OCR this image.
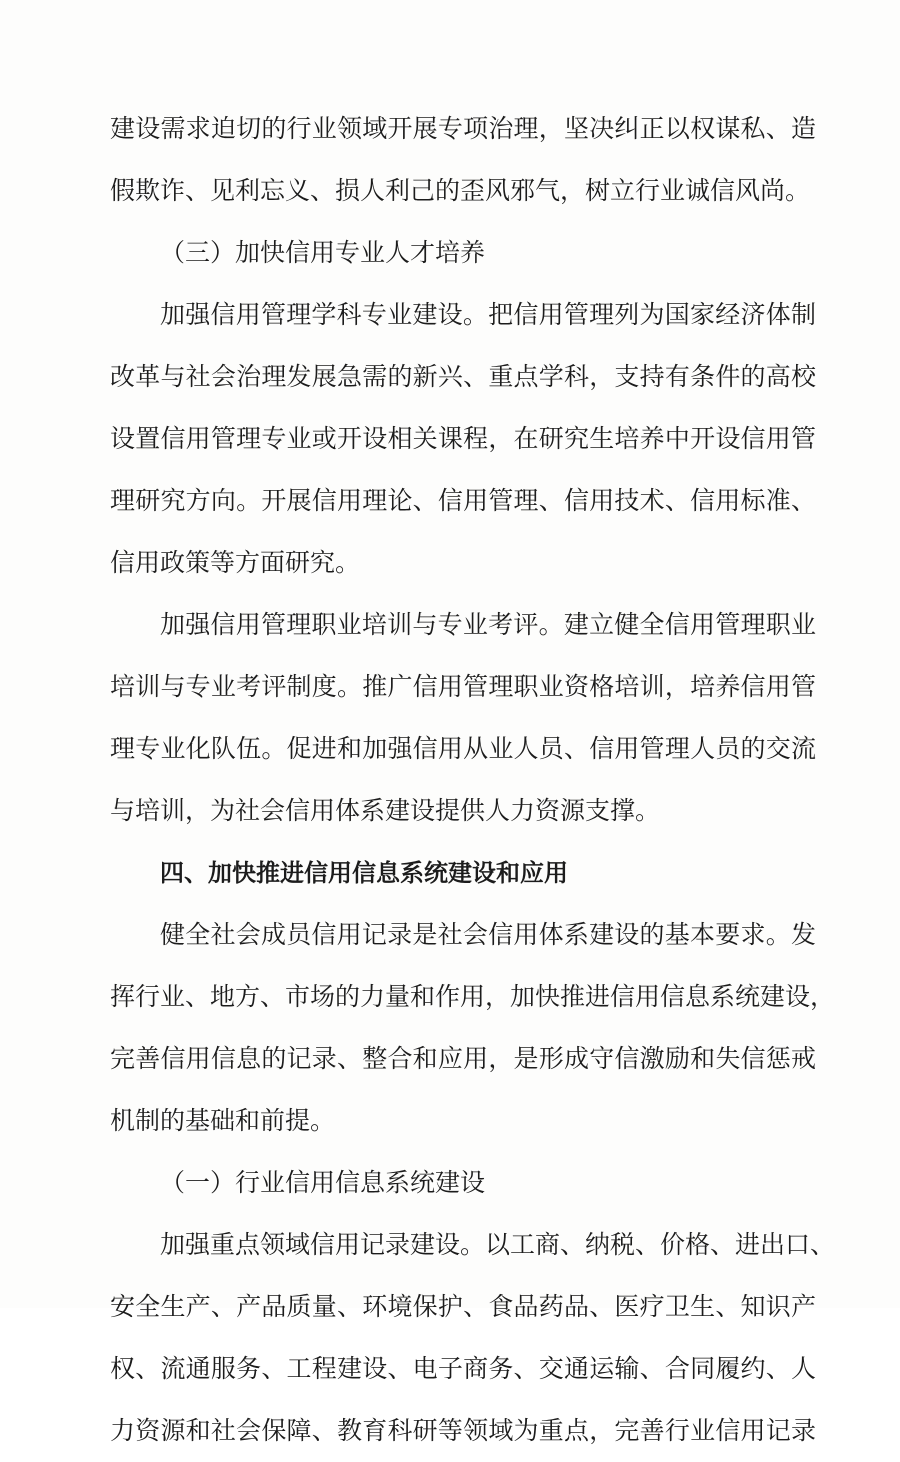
建设需求迫切的行业领域开展专项治理，坚决纠正以权谋私、造
假欺诈、见利忘义、损人利己的歪风邪气，树立行业诚信风尚。
（三）加快信用专业人才培养
加强信用管理学科专业建设。把信用管理列为国家经济体制
改革与社会治理发展急需的新兴、重点学科，支持有条件的高校
设置信用管理专业或开设相关课程，在研究生培养中开设信用管
理研究方向。开展信用理论、信用管理、信用技术、信用标准、
信用政策等方面研究。
加强信用管理职业培训与专业考评。建立健全信用管理职业
培训与专业考评制度。推广信用管理职业资格培训，培养信用管
理专业化队伍。促进和加强信用从业人员、信用管理人员的交流
与培训，为社会信用体系建设提供人力资源支撑。
四、加快推进信用信息系统建设和应用
健全社会成员信用记录是社会信用体系建设的基本要求。发
挥行业、地方、市场的力量和作用，加快推进信用信息系统建设，
完善信用信息的记录、整合和应用，是形成守信激励和失信惩戒
机制的基础和前提。
（一）行业信用信息系统建设
加强重点领域信用记录建设。以工商、纳税、价格、进出口、
安全生产、产品质量、环境保护、食品药品、医疗卫生、知识产
权、流通服务、工程建设、电子商务、交通运输、合同履约、人
力资源和社会保障、教育科研等领域为重点，完善行业信用记录
